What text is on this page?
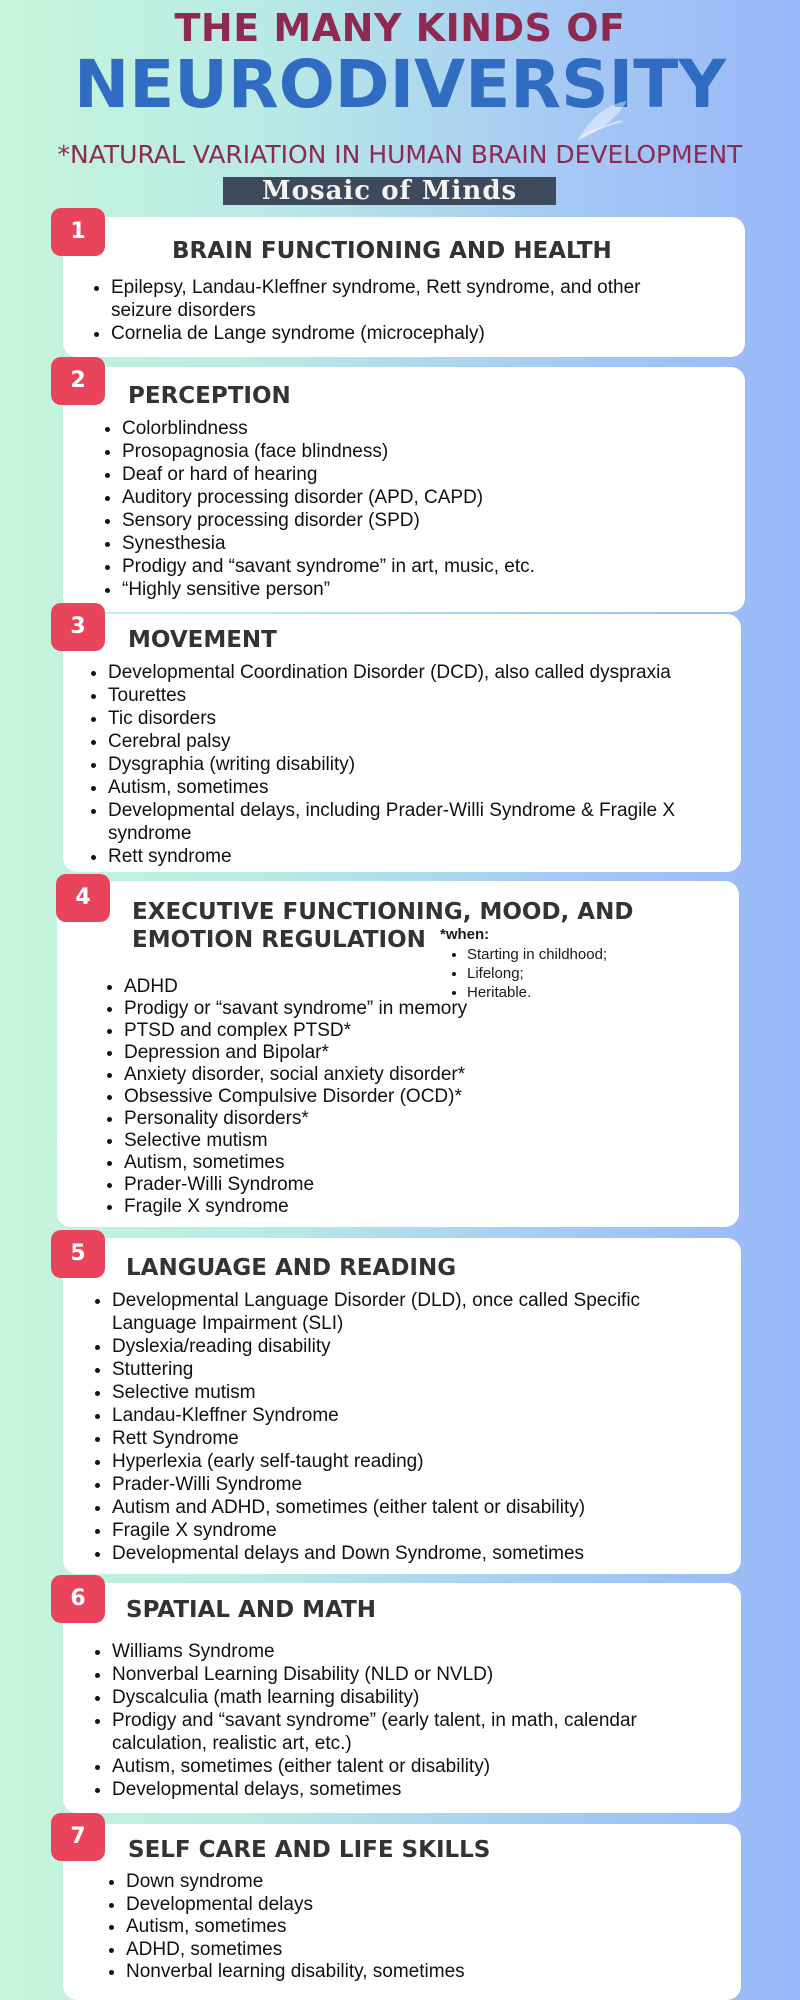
THE MANY KINDS OF
NEURODIVERSITY
*NATURAL VARIATION IN HUMAN BRAIN DEVELOPMENT
Mosaic of Minds
1
BRAIN FUNCTIONING AND HEALTH
• Epilepsy, Landau-Kleffner syndrome, Rett syndrome, and other seizure disorders
• Cornelia de Lange syndrome (microcephaly)
2
PERCEPTION
• Colorblindness
• Prosopagnosia (face blindness)
• Deaf or hard of hearing
• Auditory processing disorder (APD, CAPD)
• Sensory processing disorder (SPD)
• Synesthesia
• Prodigy and “savant syndrome” in art, music, etc.
• “Highly sensitive person”
3
MOVEMENT
• Developmental Coordination Disorder (DCD), also called dyspraxia
• Tourettes
• Tic disorders
• Cerebral palsy
• Dysgraphia (writing disability)
• Autism, sometimes
• Developmental delays, including Prader-Willi Syndrome & Fragile X syndrome
• Rett syndrome
4
EXECUTIVE FUNCTIONING, MOOD, AND
EMOTION REGULATION *when:
• Starting in childhood;
• Lifelong;
• Heritable.
• ADHD
• Prodigy or “savant syndrome” in memory
• PTSD and complex PTSD*
• Depression and Bipolar*
• Anxiety disorder, social anxiety disorder*
• Obsessive Compulsive Disorder (OCD)*
• Personality disorders*
• Selective mutism
• Autism, sometimes
• Prader-Willi Syndrome
• Fragile X syndrome
5
LANGUAGE AND READING
• Developmental Language Disorder (DLD), once called Specific Language Impairment (SLI)
• Dyslexia/reading disability
• Stuttering
• Selective mutism
• Landau-Kleffner Syndrome
• Rett Syndrome
• Hyperlexia (early self-taught reading)
• Prader-Willi Syndrome
• Autism and ADHD, sometimes (either talent or disability)
• Fragile X syndrome
• Developmental delays and Down Syndrome, sometimes
6	SPATIAL AND MATH
• Williams Syndrome
• Nonverbal Learning Disability (NLD or NVLD)
• Dyscalculia (math learning disability)
• Prodigy and “savant syndrome” (early talent, in math, calendar calculation, realistic art, etc.)
• Autism, sometimes (either talent or disability)
• Developmental delays, sometimes
7
SELF CARE AND LIFE SKILLS
• Down syndrome
• Developmental delays
• Autism, sometimes
• ADHD, sometimes
• Nonverbal learning disability, sometimes
